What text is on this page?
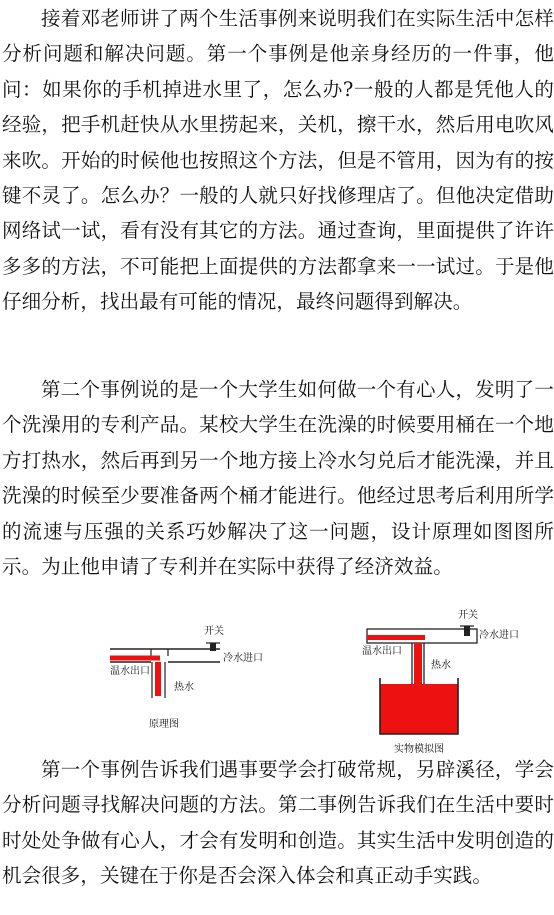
接着邓老师讲了两个生活事例来说明我们在实际生活中怎样分析问题和解决问题。第一个事例是他亲身经历的一件事，他问：如果你的手机掉进水里了，怎么办?一般的人都是凭他人的经验，把手机赶快从水里捞起来，关机，擦干水，然后用电吹风来吹。开始的时候他也按照这个方法，但是不管用，因为有的按键不灵了。怎么办？一般的人就只好找修理店了。但他决定借助网络试一试，看有没有其它的方法。通过查询，里面提供了许许多多的方法，不可能把上面提供的方法都拿来一一试过。于是他仔细分析，找出最有可能的情况，最终问题得到解决。

第二个事例说的是一个大学生如何做一个有心人，发明了一个洗澡用的专利产品。某校大学生在洗澡的时候要用桶在一个地方打热水，然后再到另一个地方接上冷水匀兑后才能洗澡，并且洗澡的时候至少要准备两个桶才能进行。他经过思考后利用所学的流速与压强的关系巧妙解决了这一问题，设计原理如图图所示。为止他申请了专利并在实际中获得了经济效益。

开关
冷水进口
温水出口
热水
原理图
开关
冷水进口
温水出口
热水
实物模拟图

第一个事例告诉我们遇事要学会打破常规，另辟溪径，学会分析问题寻找解决问题的方法。第二事例告诉我们在生活中要时时处处争做有心人，才会有发明和创造。其实生活中发明创造的机会很多，关键在于你是否会深入体会和真正动手实践。
